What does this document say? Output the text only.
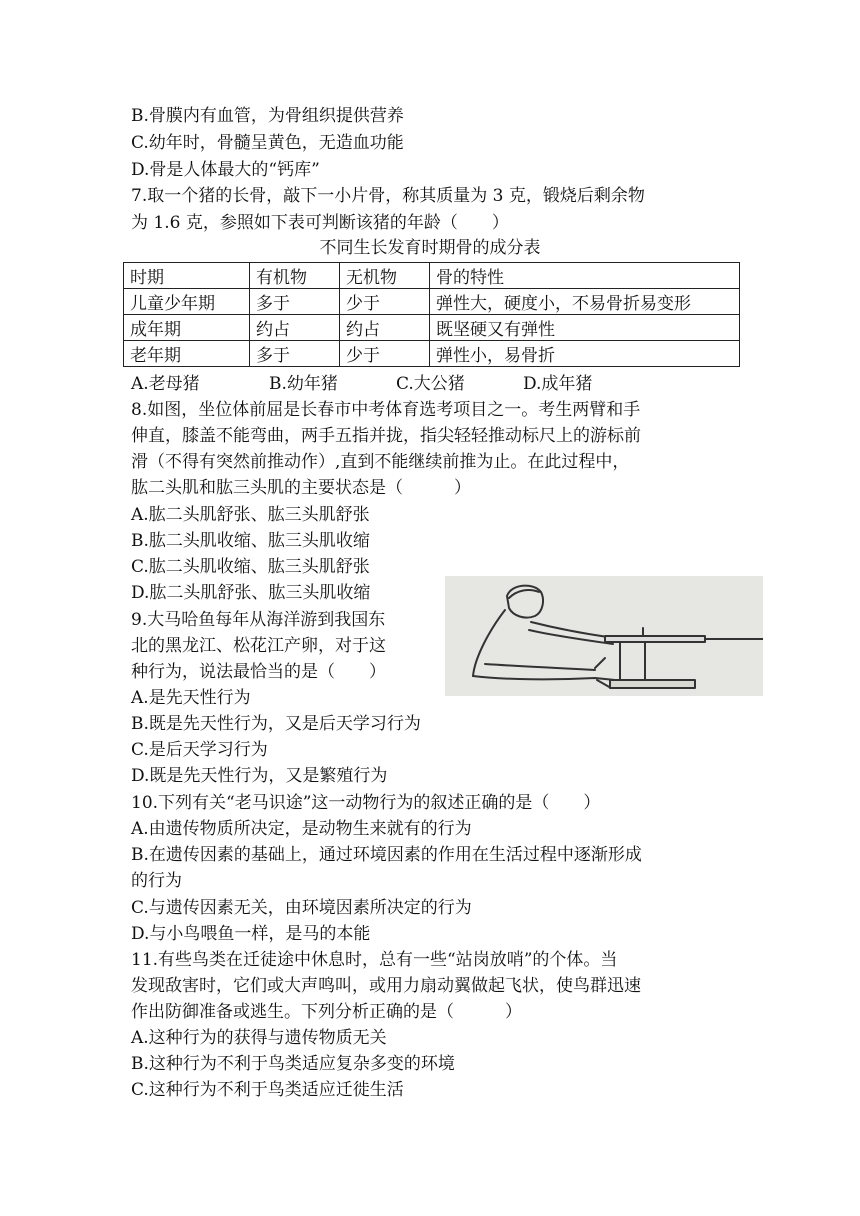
B.骨膜内有血管，为骨组织提供营养
C.幼年时，骨髓呈黄色，无造血功能
D.骨是人体最大的“钙库”
7.取一个猪的长骨，敲下一小片骨，称其质量为 3 克，锻烧后剩余物
为 1.6 克，参照如下表可判断该猪的年龄（　　）
不同生长发育时期骨的成分表
时期	有机物	无机物	骨的特性
儿童少年期	多于	少于	弹性大，硬度小，不易骨折易变形
成年期	约占	约占	既坚硬又有弹性
老年期	多于	少于	弹性小，易骨折
A.老母猪	B.幼年猪	C.大公猪	D.成年猪
8.如图，坐位体前屈是长春市中考体育选考项目之一。考生两臂和手
伸直，膝盖不能弯曲，两手五指并拢，指尖轻轻推动标尺上的游标前
滑（不得有突然前推动作）,直到不能继续前推为止。在此过程中，
肱二头肌和肱三头肌的主要状态是（　　　）
A.肱二头肌舒张、肱三头肌舒张
B.肱二头肌收缩、肱三头肌收缩
C.肱二头肌收缩、肱三头肌舒张
D.肱二头肌舒张、肱三头肌收缩
9.大马哈鱼每年从海洋游到我国东
北的黑龙江、松花江产卵，对于这
种行为，说法最恰当的是（　　）
A.是先天性行为
B.既是先天性行为，又是后天学习行为
C.是后天学习行为
D.既是先天性行为，又是繁殖行为
10.下列有关“老马识途”这一动物行为的叙述正确的是（　　）
A.由遗传物质所决定，是动物生来就有的行为
B.在遗传因素的基础上，通过环境因素的作用在生活过程中逐渐形成
的行为
C.与遗传因素无关，由环境因素所决定的行为
D.与小鸟喂鱼一样，是马的本能
11.有些鸟类在迁徒途中休息时，总有一些“站岗放哨”的个体。当
发现敌害时，它们或大声鸣叫，或用力扇动翼做起飞状，使鸟群迅速
作出防御准备或逃生。下列分析正确的是（　　　）
A.这种行为的获得与遗传物质无关
B.这种行为不利于鸟类适应复杂多变的环境
C.这种行为不利于鸟类适应迁徙生活
